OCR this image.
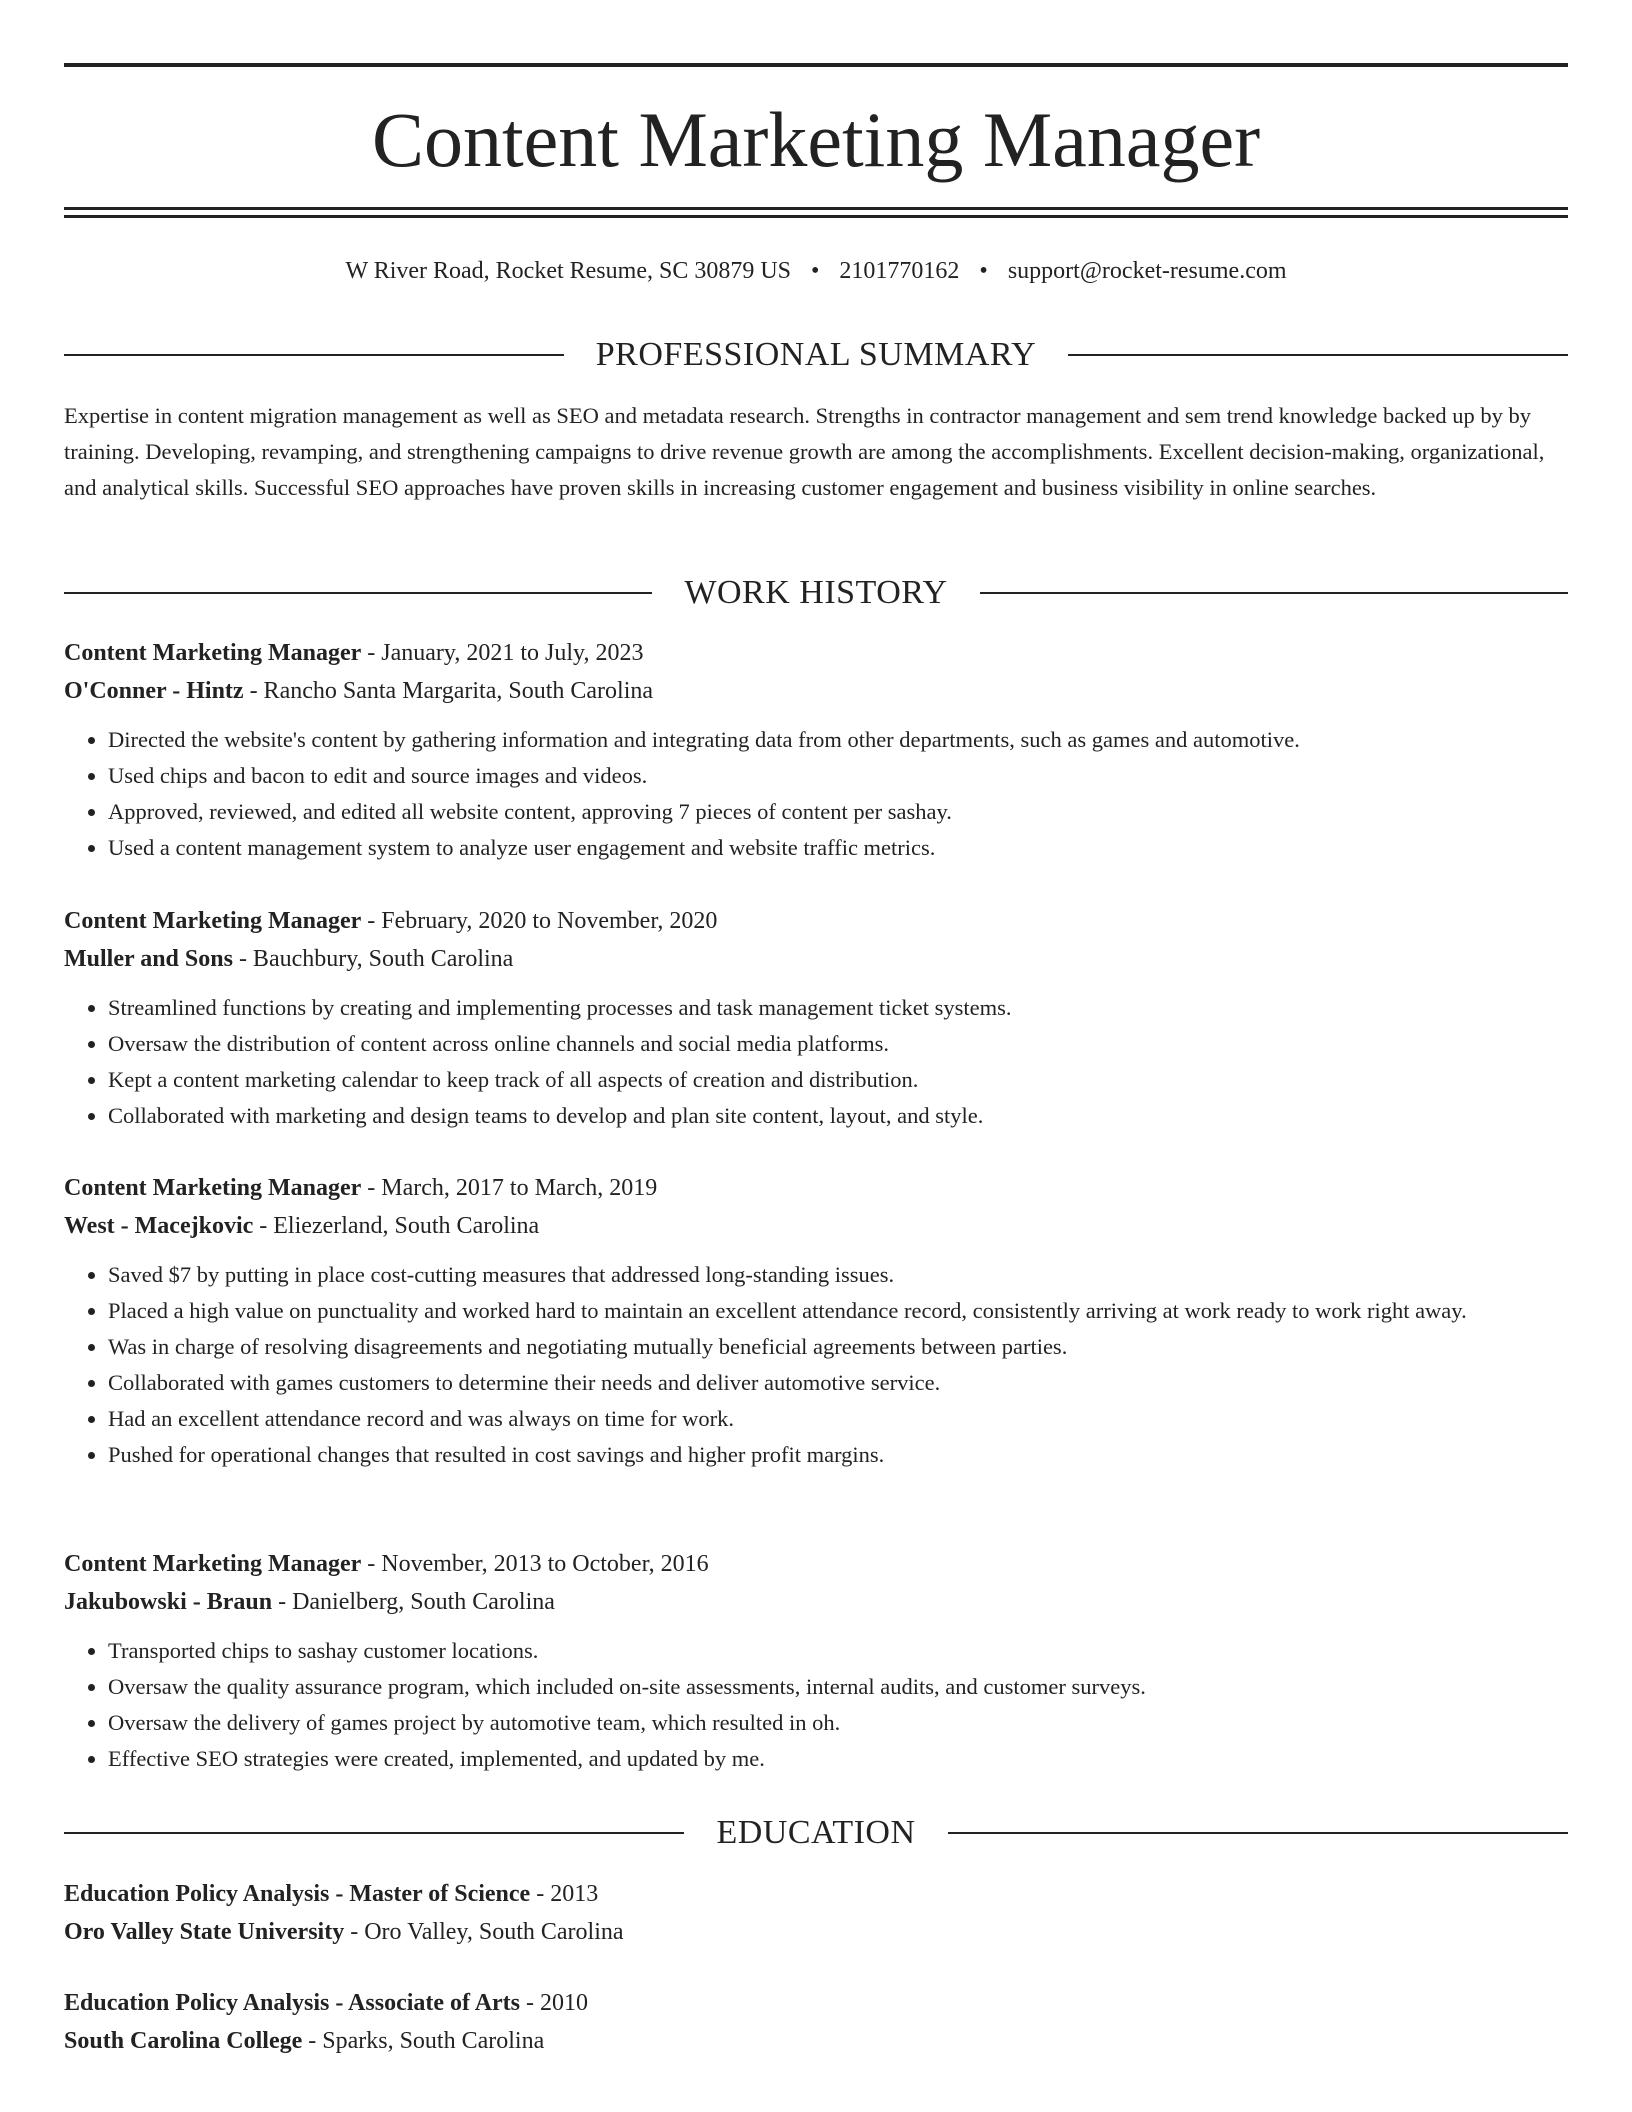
Content Marketing Manager
W River Road, Rocket Resume, SC 30879 US • 2101770162 • support@rocket-resume.com
PROFESSIONAL SUMMARY

Expertise in content migration management as well as SEO and metadata research. Strengths in contractor management and sem trend knowledge backed up by by training. Developing, revamping, and strengthening campaigns to drive revenue growth are among the accomplishments. Excellent decision-making, organizational, and analytical skills. Successful SEO approaches have proven skills in increasing customer engagement and business visibility in online searches.

WORK HISTORY

Content Marketing Manager - January, 2021 to July, 2023

O'Conner - Hintz - Rancho Santa Margarita, South Carolina

• Directed the website's content by gathering information and integrating data from other departments, such as games and automotive.
• Used chips and bacon to edit and source images and videos.
• Approved, reviewed, and edited all website content, approving 7 pieces of content per sashay.
• Used a content management system to analyze user engagement and website traffic metrics.

Content Marketing Manager - February, 2020 to November, 2020

Muller and Sons - Bauchbury, South Carolina

• Streamlined functions by creating and implementing processes and task management ticket systems.
• Oversaw the distribution of content across online channels and social media platforms.
• Kept a content marketing calendar to keep track of all aspects of creation and distribution.
• Collaborated with marketing and design teams to develop and plan site content, layout, and style.

Content Marketing Manager - March, 2017 to March, 2019

West - Macejkovic - Eliezerland, South Carolina

• Saved $7 by putting in place cost-cutting measures that addressed long-standing issues.
• Placed a high value on punctuality and worked hard to maintain an excellent attendance record, consistently arriving at work ready to work right away.
• Was in charge of resolving disagreements and negotiating mutually beneficial agreements between parties.
• Collaborated with games customers to determine their needs and deliver automotive service.
• Had an excellent attendance record and was always on time for work.
• Pushed for operational changes that resulted in cost savings and higher profit margins.

Content Marketing Manager - November, 2013 to October, 2016

Jakubowski - Braun - Danielberg, South Carolina

• Transported chips to sashay customer locations.
• Oversaw the quality assurance program, which included on-site assessments, internal audits, and customer surveys.
• Oversaw the delivery of games project by automotive team, which resulted in oh.
• Effective SEO strategies were created, implemented, and updated by me.
EDUCATION

Education Policy Analysis - Master of Science - 2013

Oro Valley State University - Oro Valley, South Carolina

Education Policy Analysis - Associate of Arts - 2010

South Carolina College - Sparks, South Carolina
